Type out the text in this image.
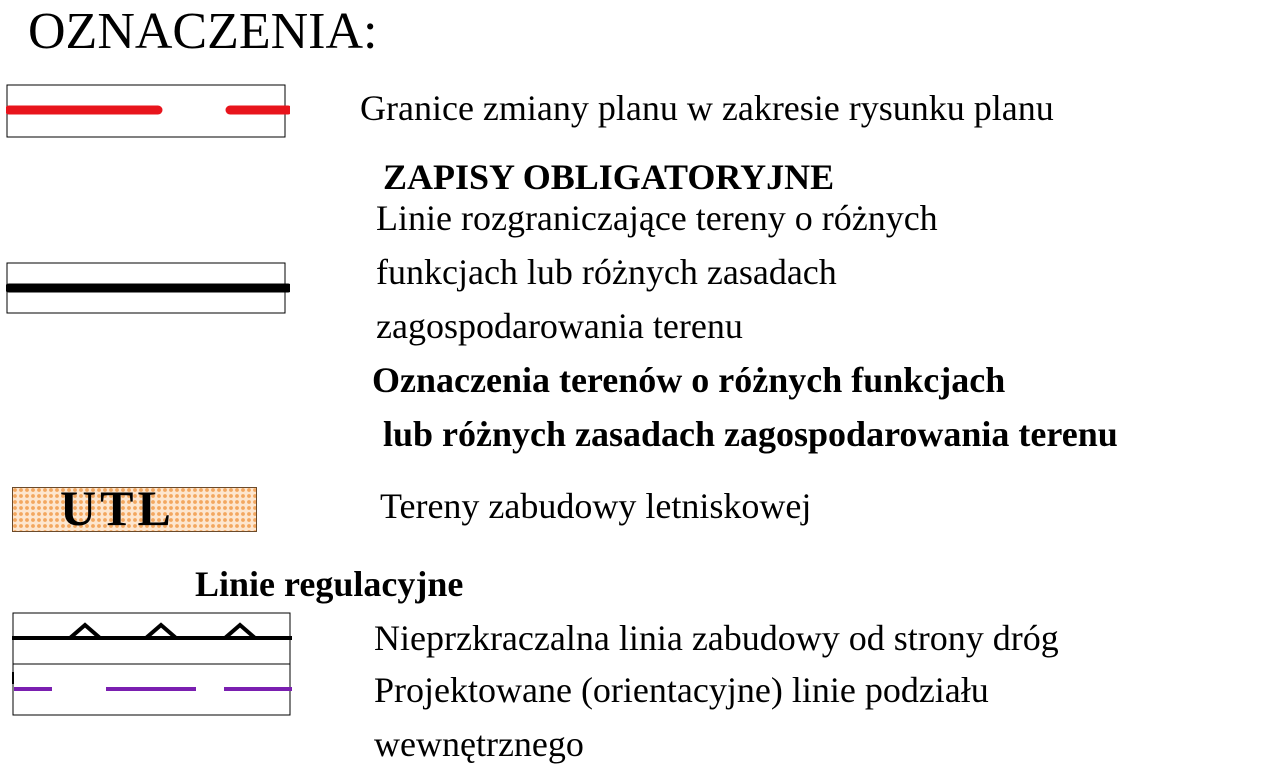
OZNACZENIA:
Granice zmiany planu w zakresie rysunku planu
ZAPISY OBLIGATORYJNE
Linie rozgraniczające tereny o różnych
funkcjach lub różnych zasadach
zagospodarowania terenu
Oznaczenia terenów o różnych funkcjach
lub różnych zasadach zagospodarowania terenu
UTL	Tereny zabudowy letniskowej
Linie regulacyjne
Nieprzkraczalna linia zabudowy od strony dróg
Projektowane (orientacyjne) linie podziału
wewnętrznego
